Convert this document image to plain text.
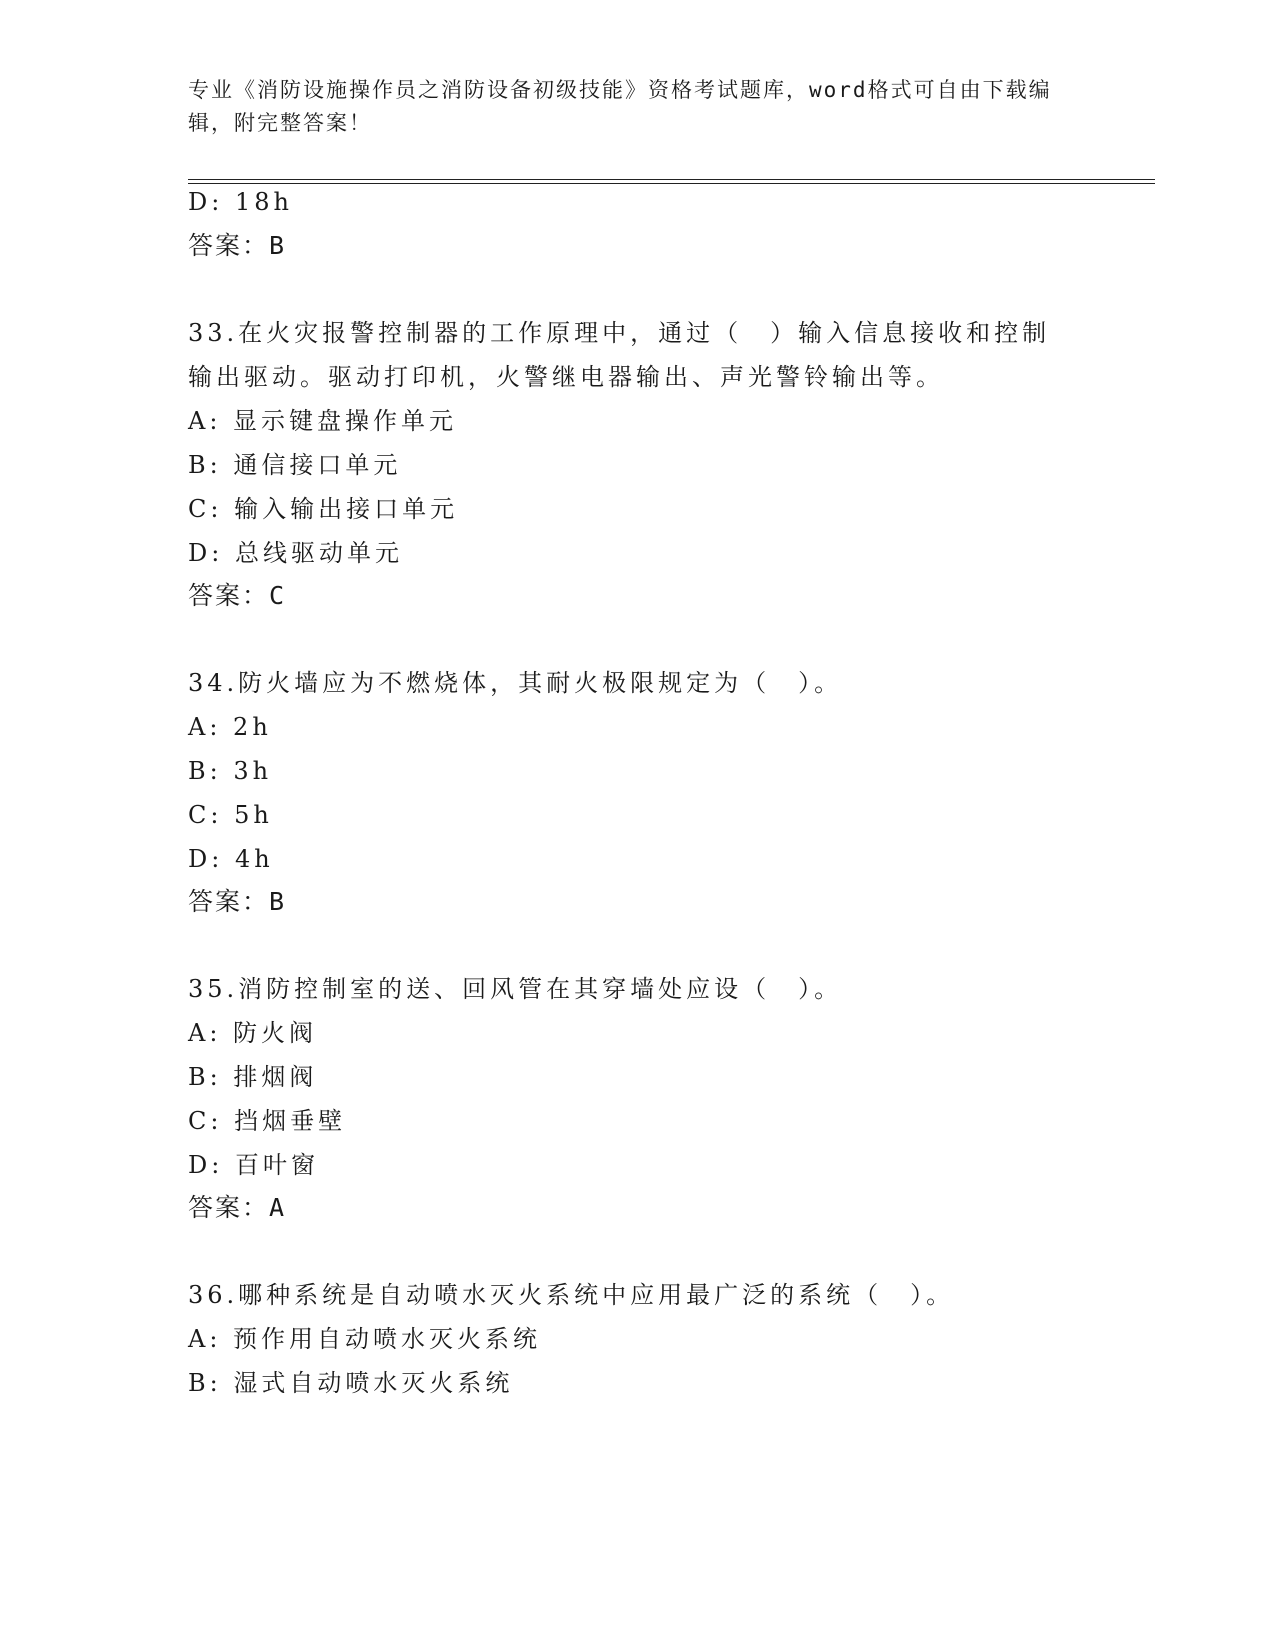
专业《消防设施操作员之消防设备初级技能》资格考试题库，word格式可自由下载编辑，附完整答案！
D: 18h
答案：B
33.在火灾报警控制器的工作原理中，通过（　）输入信息接收和控制
输出驱动。驱动打印机，火警继电器输出、声光警铃输出等。
A: 显示键盘操作单元
B: 通信接口单元
C: 输入输出接口单元
D: 总线驱动单元
答案：C
34.防火墙应为不燃烧体，其耐火极限规定为（　）。
A: 2h
B: 3h
C: 5h
D: 4h
答案：B
35.消防控制室的送、回风管在其穿墙处应设（　）。
A: 防火阀
B: 排烟阀
C: 挡烟垂壁
D: 百叶窗
答案：A
36.哪种系统是自动喷水灭火系统中应用最广泛的系统（　）。
A: 预作用自动喷水灭火系统
B: 湿式自动喷水灭火系统
